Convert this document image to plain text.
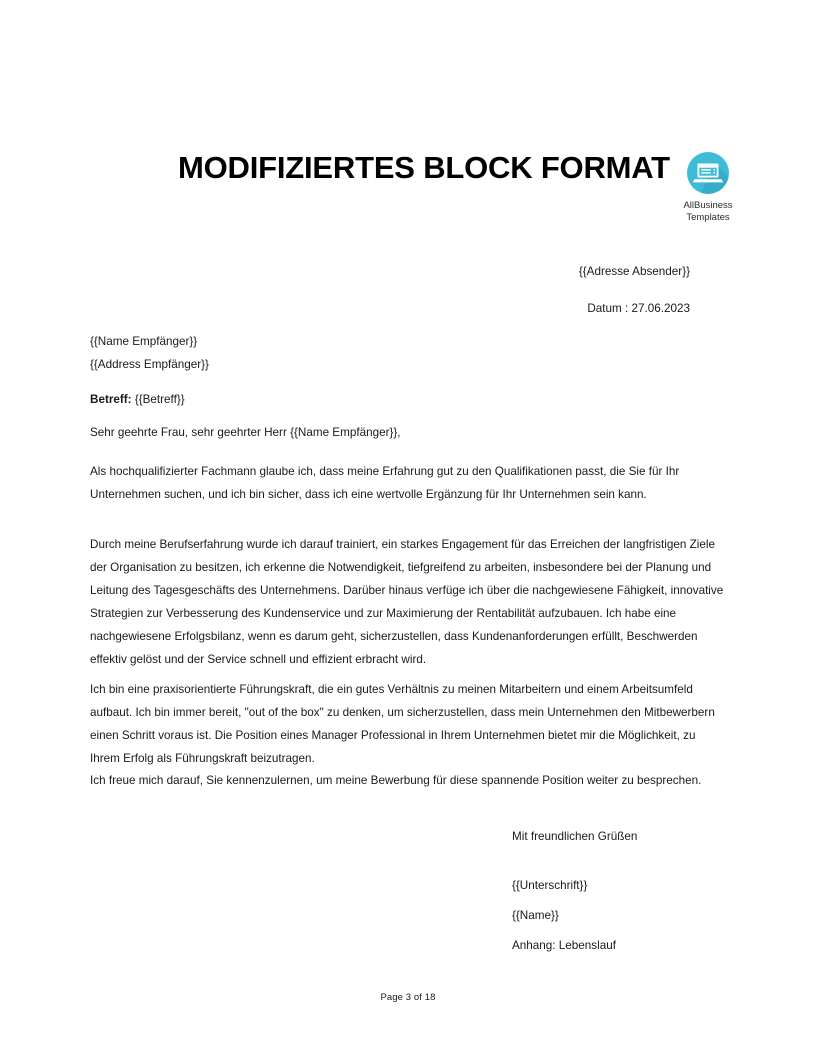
MODIFIZIERTES BLOCK FORMAT
AllBusiness
Templates
{{Adresse Absender}}
Datum : 27.06.2023
{{Name Empfänger}}
{{Address Empfänger}}
Betreff: {{Betreff}}
Sehr geehrte Frau, sehr geehrter Herr {{Name Empfänger}},
Als hochqualifizierter Fachmann glaube ich, dass meine Erfahrung gut zu den Qualifikationen passt, die Sie für Ihr Unternehmen suchen, und ich bin sicher, dass ich eine wertvolle Ergänzung für Ihr Unternehmen sein kann.
Durch meine Berufserfahrung wurde ich darauf trainiert, ein starkes Engagement für das Erreichen der langfristigen Ziele der Organisation zu besitzen, ich erkenne die Notwendigkeit, tiefgreifend zu arbeiten, insbesondere bei der Planung und Leitung des Tagesgeschäfts des Unternehmens. Darüber hinaus verfüge ich über die nachgewiesene Fähigkeit, innovative Strategien zur Verbesserung des Kundenservice und zur Maximierung der Rentabilität aufzubauen. Ich habe eine nachgewiesene Erfolgsbilanz, wenn es darum geht, sicherzustellen, dass Kundenanforderungen erfüllt, Beschwerden effektiv gelöst und der Service schnell und effizient erbracht wird.
Ich bin eine praxisorientierte Führungskraft, die ein gutes Verhältnis zu meinen Mitarbeitern und einem Arbeitsumfeld aufbaut. Ich bin immer bereit, "out of the box" zu denken, um sicherzustellen, dass mein Unternehmen den Mitbewerbern einen Schritt voraus ist. Die Position eines Manager Professional in Ihrem Unternehmen bietet mir die Möglichkeit, zu Ihrem Erfolg als Führungskraft beizutragen.
Ich freue mich darauf, Sie kennenzulernen, um meine Bewerbung für diese spannende Position weiter zu besprechen.
Mit freundlichen Grüßen
{{Unterschrift}}
{{Name}}
Anhang: Lebenslauf
Page 3 of 18
